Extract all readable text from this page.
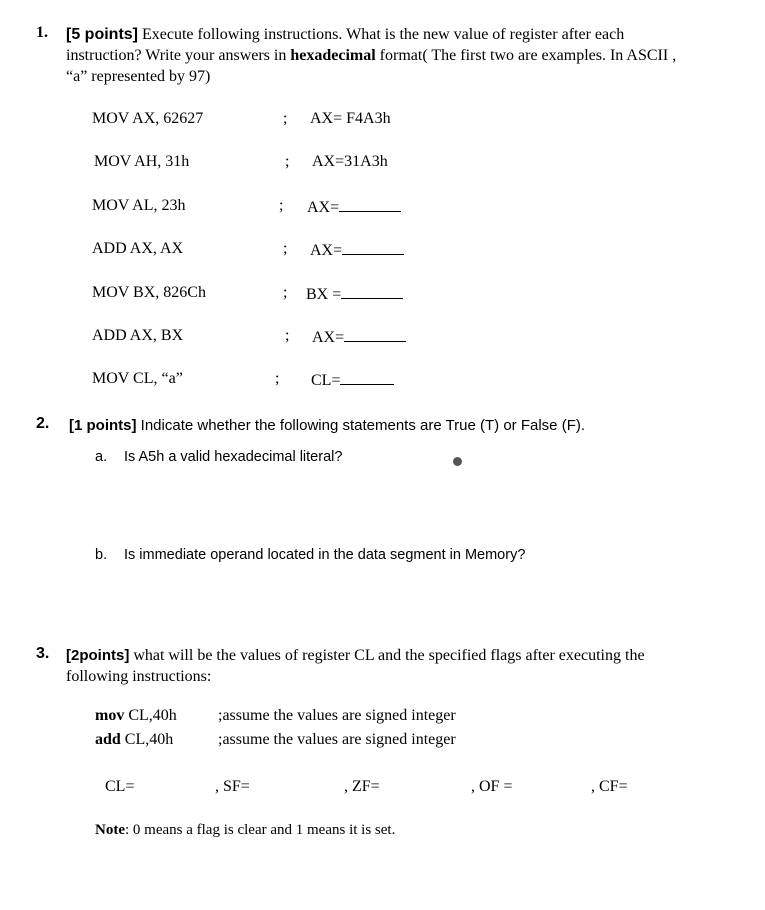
1. [5 points] Execute following instructions. What is the new value of register after each
instruction? Write your answers in hexadecimal format( The first two are examples. In ASCII ,
“a” represented by 97)
MOV AX, 62627	; AX= F4A3h
MOV AH, 31h	; AX=31A3h
MOV AL, 23h	; AX=
ADD AX, AX	; AX=
MOV BX, 826Ch	; BX =
ADD AX, BX	; AX=
MOV CL, “a”	; CL=
2. [1 points] Indicate whether the following statements are True (T) or False (F).
a. Is A5h a valid hexadecimal literal?
b. Is immediate operand located in the data segment in Memory?
3. [2points] what will be the values of register CL and the specified flags after executing the
following instructions:
mov CL,40h	;assume the values are signed integer
add CL,40h	;assume the values are signed integer
CL=	, SF=	, ZF=	, OF =	, CF=
Note: 0 means a flag is clear and 1 means it is set.
